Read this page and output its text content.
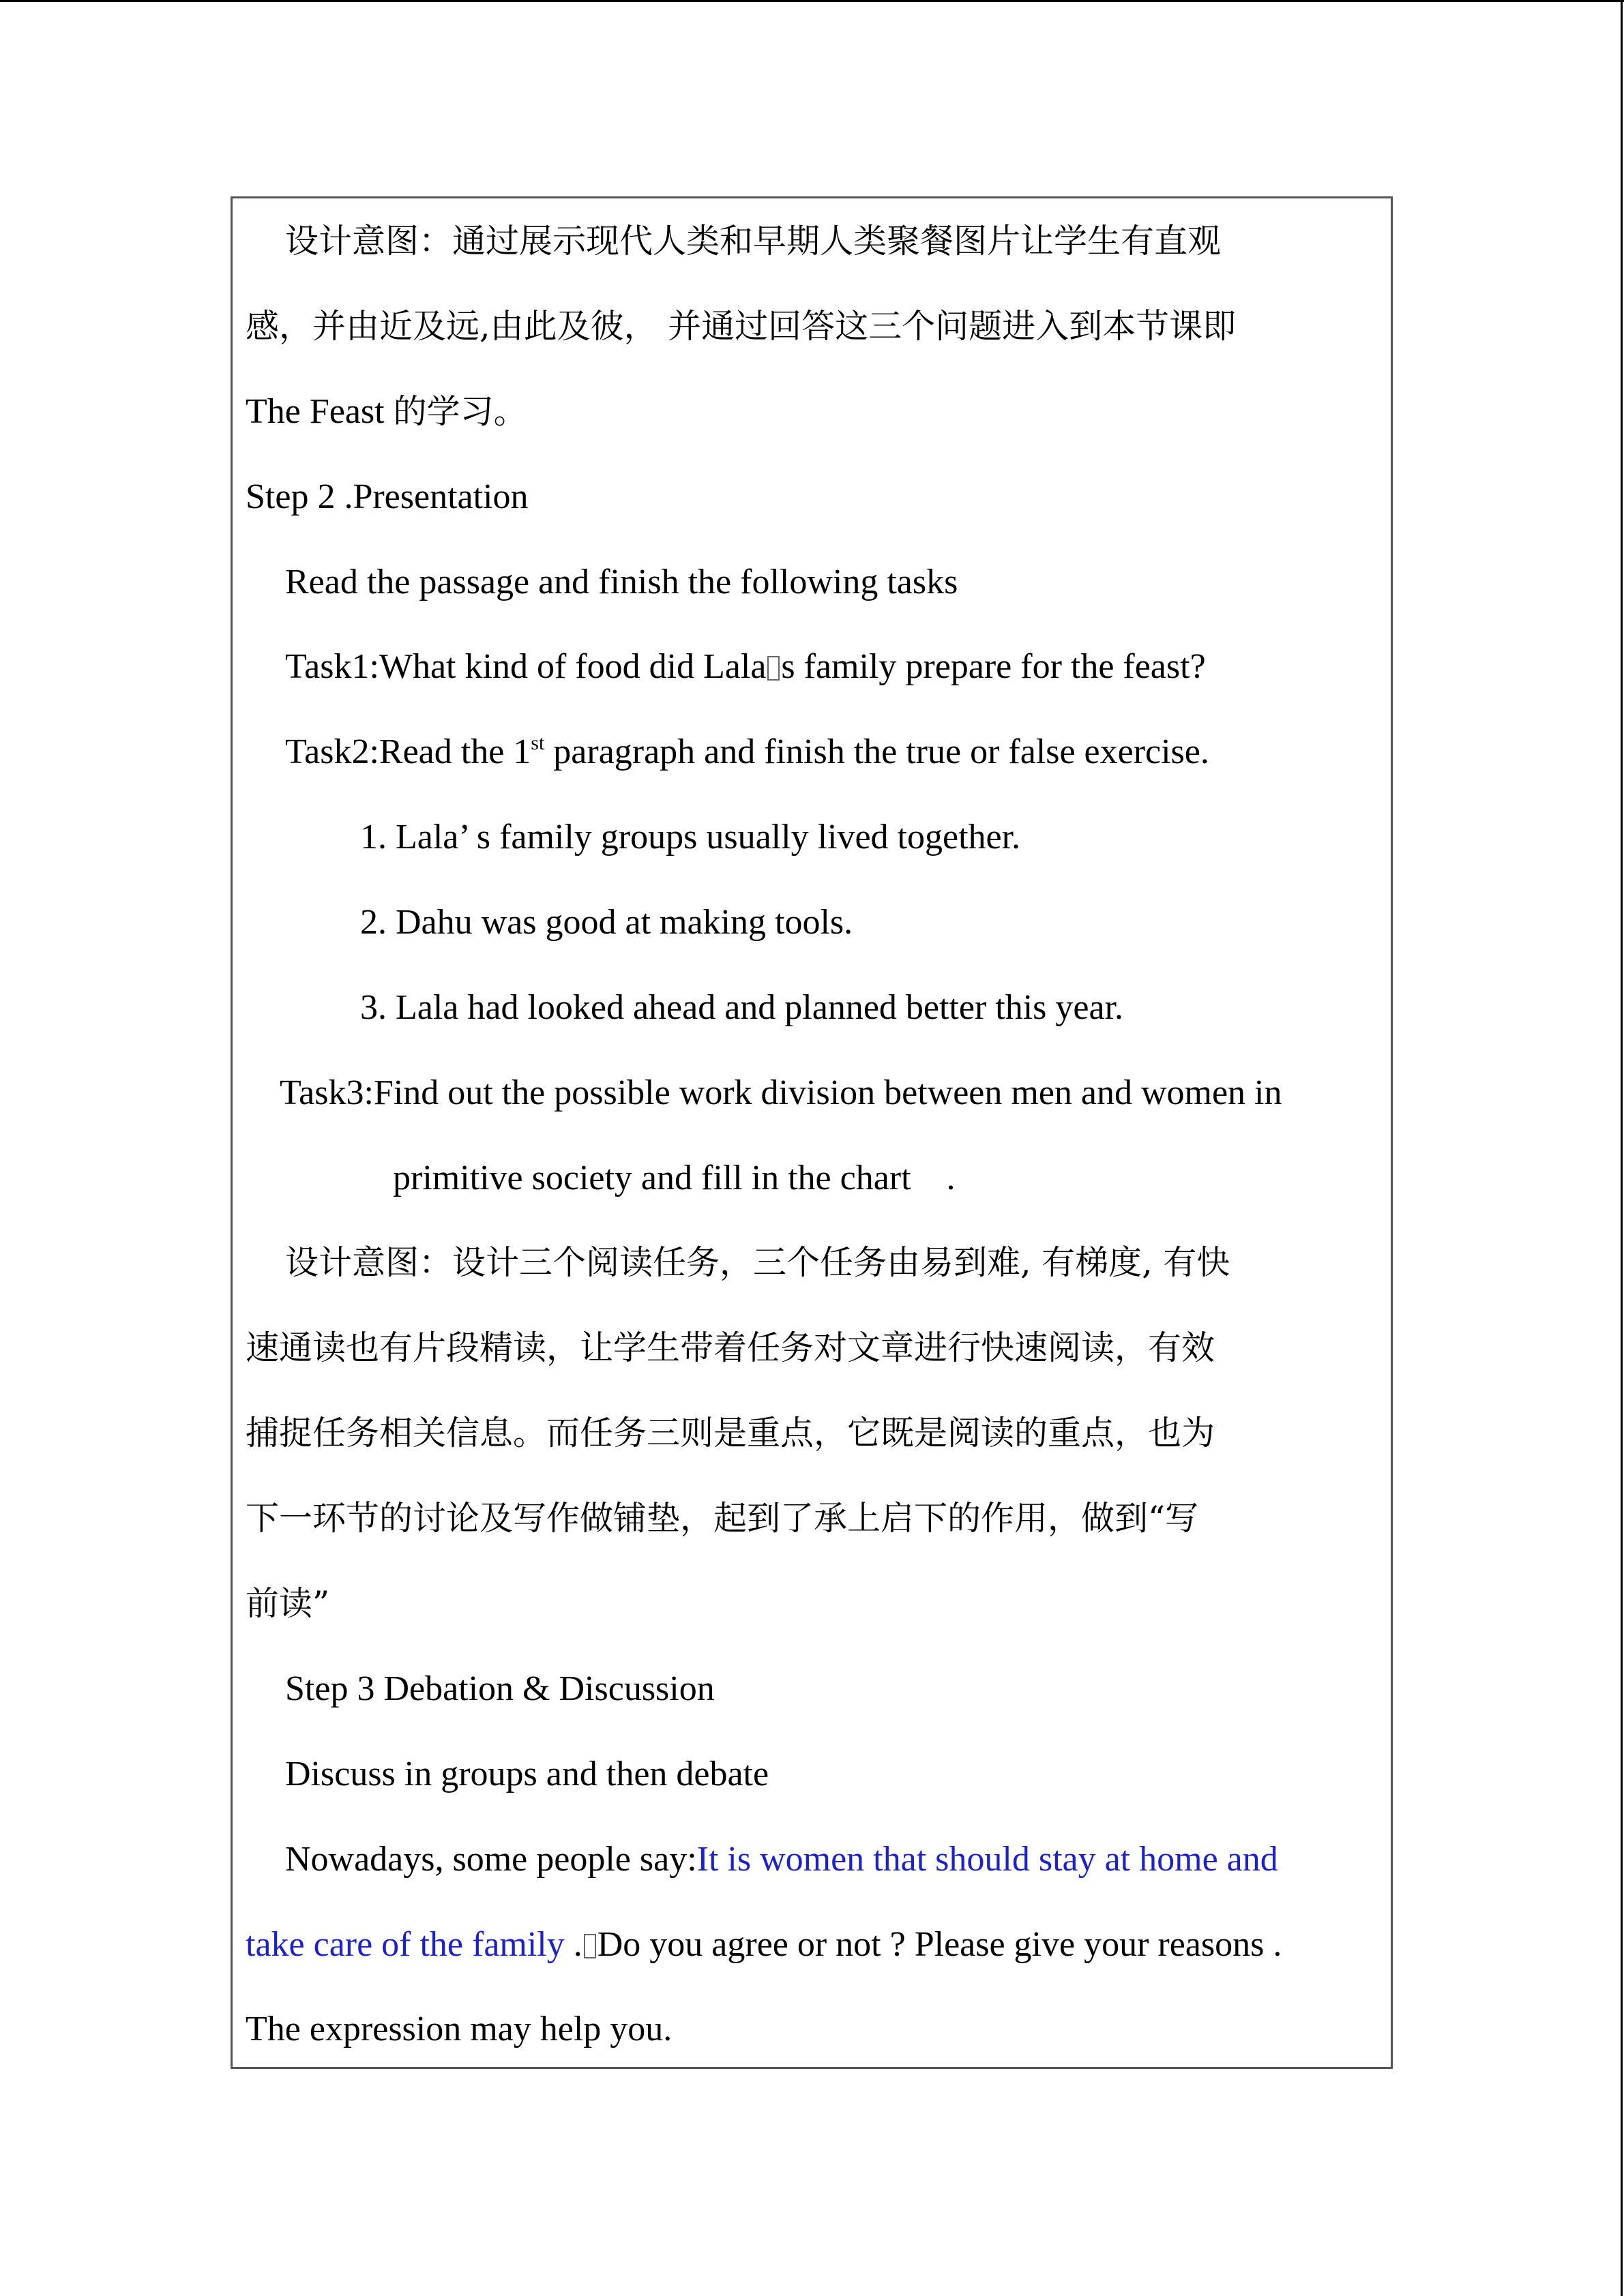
设计意图：通过展示现代人类和早期人类聚餐图片让学生有直观

感，并由近及远,由此及彼， 并通过回答这三个问题进入到本节课即

The Feast 的学习。

Step 2 .Presentation

Read the passage and finish the following tasks

Task1:What kind of food did Lala s family prepare for the feast?

Task2:Read the 1st paragraph and finish the true or false exercise.

1. Lala’ s family groups usually lived together.

2. Dahu was good at making tools.

3. Lala had looked ahead and planned better this year.

Task3:Find out the possible work division between men and women in

primitive society and fill in the chart    .

设计意图：设计三个阅读任务，三个任务由易到难, 有梯度, 有快

速通读也有片段精读，让学生带着任务对文章进行快速阅读，有效

捕捉任务相关信息。而任务三则是重点，它既是阅读的重点，也为

下一环节的讨论及写作做铺垫，起到了承上启下的作用，做到“写

前读”

Step 3 Debation & Discussion

Discuss in groups and then debate

Nowadays, some people say:It is women that should stay at home and

take care of the family . Do you agree or not ? Please give your reasons .

The expression may help you.
